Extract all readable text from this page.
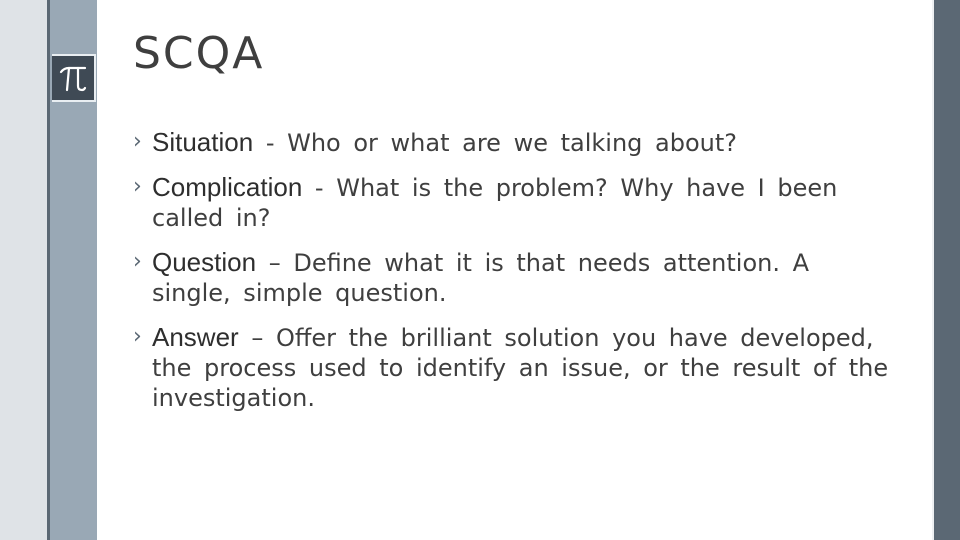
SCQA
› Situation - Who or what are we talking about?
› Complication - What is the problem? Why have I been called in?
› Question – Define what it is that needs attention. A single, simple question.
› Answer – Offer the brilliant solution you have developed, the process used to identify an issue, or the result of the investigation.
